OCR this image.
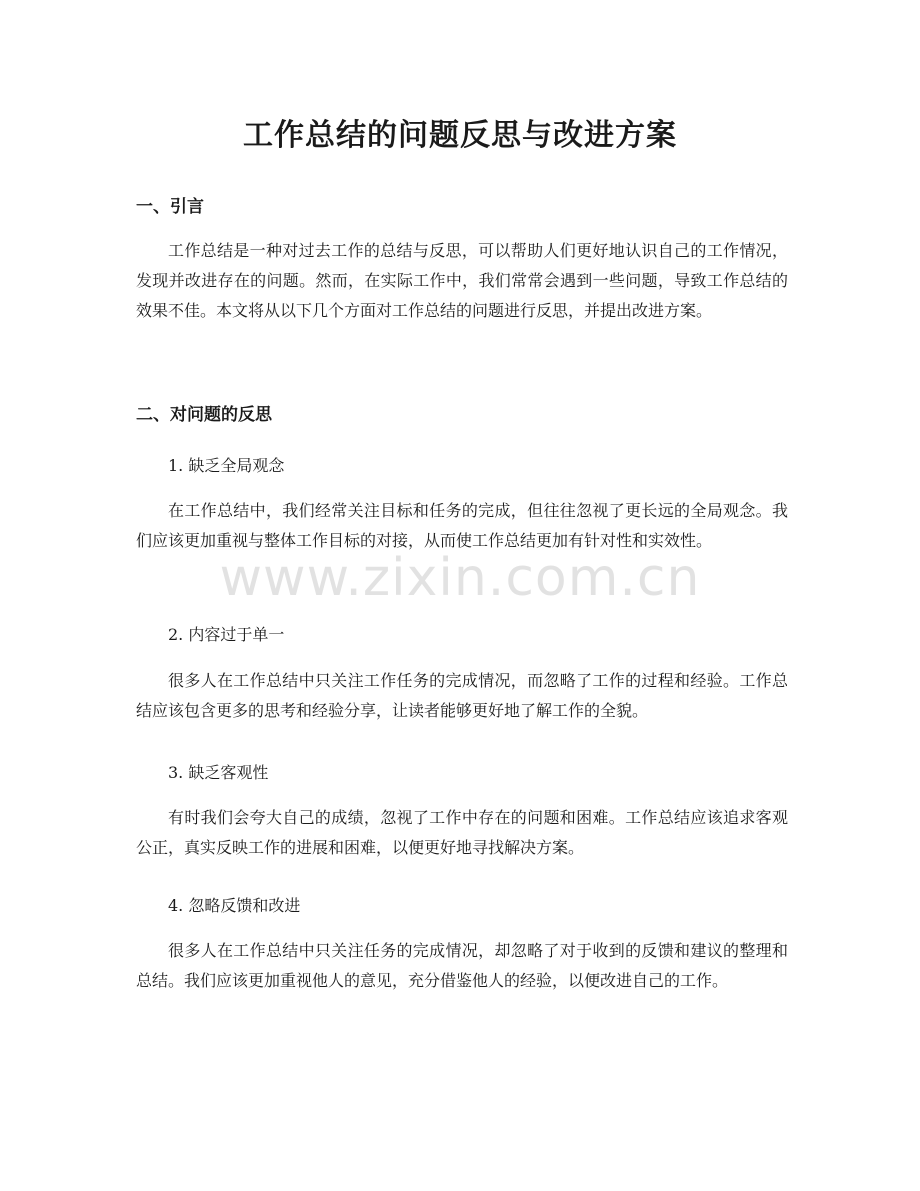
工作总结的问题反思与改进方案
一、引言

工作总结是一种对过去工作的总结与反思，可以帮助人们更好地认识自己的工作情况，发现并改进存在的问题。然而，在实际工作中，我们常常会遇到一些问题，导致工作总结的效果不佳。本文将从以下几个方面对工作总结的问题进行反思，并提出改进方案。

二、对问题的反思

1. 缺乏全局观念

在工作总结中，我们经常关注目标和任务的完成，但往往忽视了更长远的全局观念。我们应该更加重视与整体工作目标的对接，从而使工作总结更加有针对性和实效性。

2. 内容过于单一

很多人在工作总结中只关注工作任务的完成情况，而忽略了工作的过程和经验。工作总结应该包含更多的思考和经验分享，让读者能够更好地了解工作的全貌。

3. 缺乏客观性

有时我们会夸大自己的成绩，忽视了工作中存在的问题和困难。工作总结应该追求客观公正，真实反映工作的进展和困难，以便更好地寻找解决方案。

4. 忽略反馈和改进

很多人在工作总结中只关注任务的完成情况，却忽略了对于收到的反馈和建议的整理和总结。我们应该更加重视他人的意见，充分借鉴他人的经验，以便改进自己的工作。

www.zixin.com.cn
